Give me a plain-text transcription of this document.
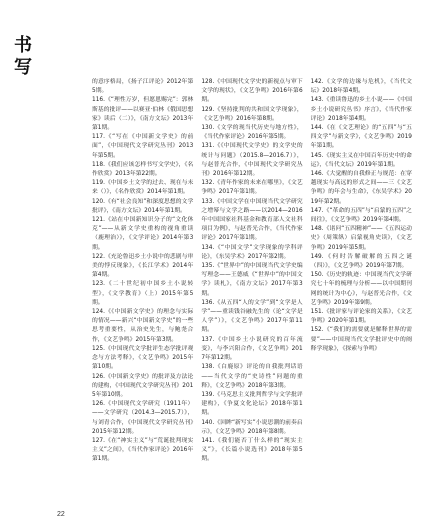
书写

的意序格局，《扬子江评论》2012年第5期。

116.《“理性万岁，但愿恩赐完”：郭林斯基的批评——以赛亚·伯林《俄国思想家》读后（二）》，《南方文坛》2013年第1期。

117.《“写在《中国新文学史》的前面”，《中国现代文学研究丛刊》2013年第5期。

118.《我们应该怎样书写文学史》，《名作欣赏》2013年第22期。

119.《中国乡土文学的过去、现在与未来（）》，《名作欣赏》2014年第1期。

120.《有“社会良知”和深度思想的文学批评》，《南方文坛》2014年第1期。

121.《站在中国新知识分子的“文化休克”——从新文学史重构的视角重读（鹿理治）》，《文学评论》2014年第3期。

122.《充论鲁迅乡土小说中的悲剧与审美的悖反现象》，《长江学术》2014年第4期。

123.《二十世纪初中国乡土小说转型》，《文学教育》（上）2015年第5期。

124.《《中国新文学史》的理念与实际的情况——新兴“中国新文学史”的一些思考重要性，从治史先生，与鲍尧合作，《文艺争鸣》2015年第3期。

125.《中国现代文学批评生态学批评观念与方法考释》，《文艺争鸣》2015年第10期。

126.《中国新文学史》的批评及方法论的建构，《中国现代文学研究丛刊》2015年第10期。

126.《中国现代文学研究（1911年）——文学研究（2014.3—2015.7）》，与刘青合作，《中国现代文学研究丛刊》2015年第12期。

127.《在“神实主义”与“荒诞批判现实主义”之间》，《当代作家评论》2016年第1期。

128.《中国现代文学史的新视点与审下文学的现状》，《文艺争鸣》2016年第6期。

129.《坚持批判的共和国文学现象》，《文艺争鸣》2016年第8期。

130.《文学的现当代历史与地方性》，《当代作家评论》2016年第5期。

131.《《中国现代文学史》的文学史的统计与问题》（2015.8—2016.7）》，与赵普光合作，《中国现代文学研究丛刊》2016年第12期。

132.《青年作家的未来在哪里》，《文艺争鸣》2017年第1期。

133.《中国文学在中国现当代文学研究之增幂与文学之路——以2014—2016年中国国家社科基金和教育部人文社科项目为例》，与赵普光合作，《当代作家评论》2017年第1期。

134.《“中国文学”文学现象的学科评论》，《东吴学术》2017年第2期。

135.《“世界中”的中国现当代文学史编写理念——王德威《“世界中”的中国文学》读札》，《南方文坛》2017年第3期。

136.《从五四“人的文学”到“文学是人学”——重读钱谷融先生的（论“文学是人学”）》，《文艺争鸣》2017年第11期。

137.《中国乡土小说研究的百年流变》，与李兴阳合作，《文艺争鸣》2017年第12期。

138.《白鹿原》评论的自我批判话语——当代文学的“史诗性”问题的重释》，《文艺争鸣》2018年第3期。

139.《马克思主义批判哲学与文学批评建构》，《争夏文化论坛》2018年第1期。

140.《回眸“新写实”小说思潮的前奏启示》，《文艺争鸣》2018年第8期。

141.《我们能否丁什么样的“现实主义”》，《长篇小说选刊》2018年第5期。

142.《文学的边缘与危机》，《当代文坛》2018年第4期。

143.《重读鲁迅的乡土小说——《中国乡土小说研究丛书》序言》，《当代作家评论》2018年第4期。

144.《在《文艺理论》的“五四”与“五四文学”与新文学》，《文艺争鸣》2019年第1期。

145.《现实主义在中国百年历史中的命运》，《当代文坛》2019年第1期。

146.《大觉醒的自我修正与规范：在穿越现实与高远的形式之间——三《文艺争鸣》的年会与生命》，《东吴学术》2019年第2期。

147.《“革命的五四”与“启蒙的五四”之间往》，《文艺争鸣》2019年第4期。

148.《诸问“五四精神”——《五四运动史》（周策纵）启蒙视角史读》，《文艺争鸣》2019年第5期。

149.《何时告解破解的五四之谜（四）》，《文艺争鸣》2019年第7期。

150.《历史的轨迹：中国现当代文学研究七十年的梳理与分析——以中国期刊网的统计为中心》，与赵普光合作，《文艺争鸣》2019年第9期。

151.《批评家与评论家的关系》，《文艺争鸣》2020年第1期。

152.《“我们的需要就是解释世界的需要”——中国现当代文学批评史中的阐释学现象》，《探索与争鸣》

22
